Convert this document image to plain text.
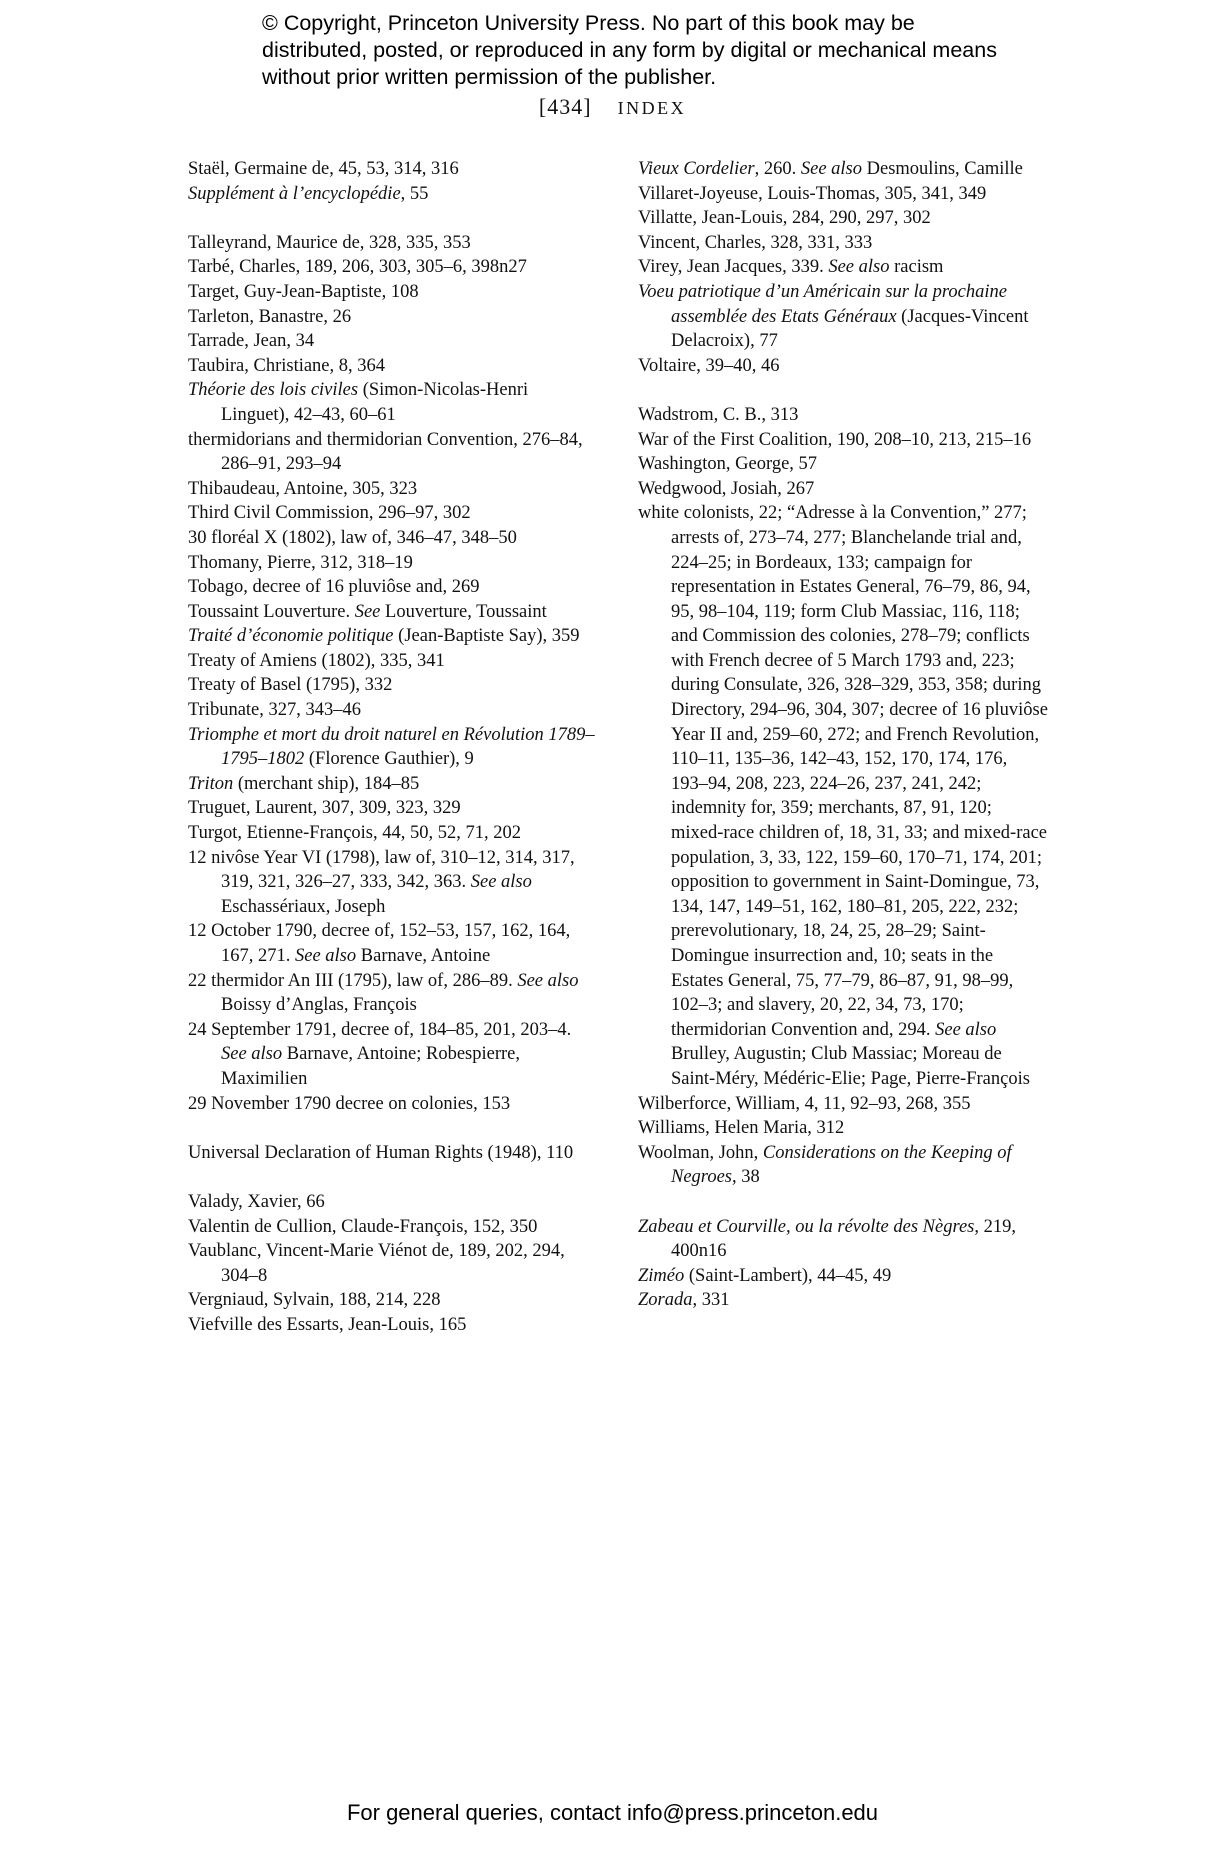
© Copyright, Princeton University Press. No part of this book may be distributed, posted, or reproduced in any form by digital or mechanical means without prior written permission of the publisher.
[434] INDEX

Staël, Germaine de, 45, 53, 314, 316

Supplément à l’encyclopédie, 55

Talleyrand, Maurice de, 328, 335, 353

Tarbé, Charles, 189, 206, 303, 305–6, 398n27

Target, Guy-Jean-Baptiste, 108

Tarleton, Banastre, 26

Tarrade, Jean, 34

Taubira, Christiane, 8, 364

Théorie des lois civiles (Simon-Nicolas-Henri Linguet), 42–43, 60–61

thermidorians and thermidorian Convention, 276–84, 286–91, 293–94

Thibaudeau, Antoine, 305, 323

Third Civil Commission, 296–97, 302

30 floréal X (1802), law of, 346–47, 348–50

Thomany, Pierre, 312, 318–19

Tobago, decree of 16 pluviôse and, 269

Toussaint Louverture. See Louverture, Toussaint

Traité d’économie politique (Jean-Baptiste Say), 359

Treaty of Amiens (1802), 335, 341

Treaty of Basel (1795), 332

Tribunate, 327, 343–46

Triomphe et mort du droit naturel en Révolution 1789–1795–1802 (Florence Gauthier), 9

Triton (merchant ship), 184–85

Truguet, Laurent, 307, 309, 323, 329

Turgot, Etienne-François, 44, 50, 52, 71, 202

12 nivôse Year VI (1798), law of, 310–12, 314, 317, 319, 321, 326–27, 333, 342, 363. See also Eschassériaux, Joseph

12 October 1790, decree of, 152–53, 157, 162, 164, 167, 271. See also Barnave, Antoine

22 thermidor An III (1795), law of, 286–89. See also Boissy d’Anglas, François

24 September 1791, decree of, 184–85, 201, 203–4. See also Barnave, Antoine; Robespierre, Maximilien

29 November 1790 decree on colonies, 153

Universal Declaration of Human Rights (1948), 110

Valady, Xavier, 66

Valentin de Cullion, Claude-François, 152, 350

Vaublanc, Vincent-Marie Viénot de, 189, 202, 294, 304–8

Vergniaud, Sylvain, 188, 214, 228

Viefville des Essarts, Jean-Louis, 165

Vieux Cordelier, 260. See also Desmoulins, Camille

Villaret-Joyeuse, Louis-Thomas, 305, 341, 349

Villatte, Jean-Louis, 284, 290, 297, 302

Vincent, Charles, 328, 331, 333

Virey, Jean Jacques, 339. See also racism

Voeu patriotique d’un Américain sur la prochaine assemblée des Etats Généraux (Jacques-Vincent Delacroix), 77

Voltaire, 39–40, 46

Wadstrom, C. B., 313

War of the First Coalition, 190, 208–10, 213, 215–16

Washington, George, 57

Wedgwood, Josiah, 267

white colonists, 22; “Adresse à la Convention,” 277; arrests of, 273–74, 277; Blanchelande trial and, 224–25; in Bordeaux, 133; campaign for representation in Estates General, 76–79, 86, 94, 95, 98–104, 119; form Club Massiac, 116, 118; and Commission des colonies, 278–79; conflicts with French decree of 5 March 1793 and, 223; during Consulate, 326, 328–329, 353, 358; during Directory, 294–96, 304, 307; decree of 16 pluviôse Year II and, 259–60, 272; and French Revolution, 110–11, 135–36, 142–43, 152, 170, 174, 176, 193–94, 208, 223, 224–26, 237, 241, 242; indemnity for, 359; merchants, 87, 91, 120; mixed-race children of, 18, 31, 33; and mixed-race population, 3, 33, 122, 159–60, 170–71, 174, 201; opposition to government in Saint-Domingue, 73, 134, 147, 149–51, 162, 180–81, 205, 222, 232; prerevolutionary, 18, 24, 25, 28–29; Saint-Domingue insurrection and, 10; seats in the Estates General, 75, 77–79, 86–87, 91, 98–99, 102–3; and slavery, 20, 22, 34, 73, 170; thermidorian Convention and, 294. See also Brulley, Augustin; Club Massiac; Moreau de Saint-Méry, Médéric-Elie; Page, Pierre-François

Wilberforce, William, 4, 11, 92–93, 268, 355

Williams, Helen Maria, 312

Woolman, John, Considerations on the Keeping of Negroes, 38

Zabeau et Courville, ou la révolte des Nègres, 219, 400n16

Ziméo (Saint-Lambert), 44–45, 49

Zorada, 331

For general queries, contact info@press.princeton.edu
